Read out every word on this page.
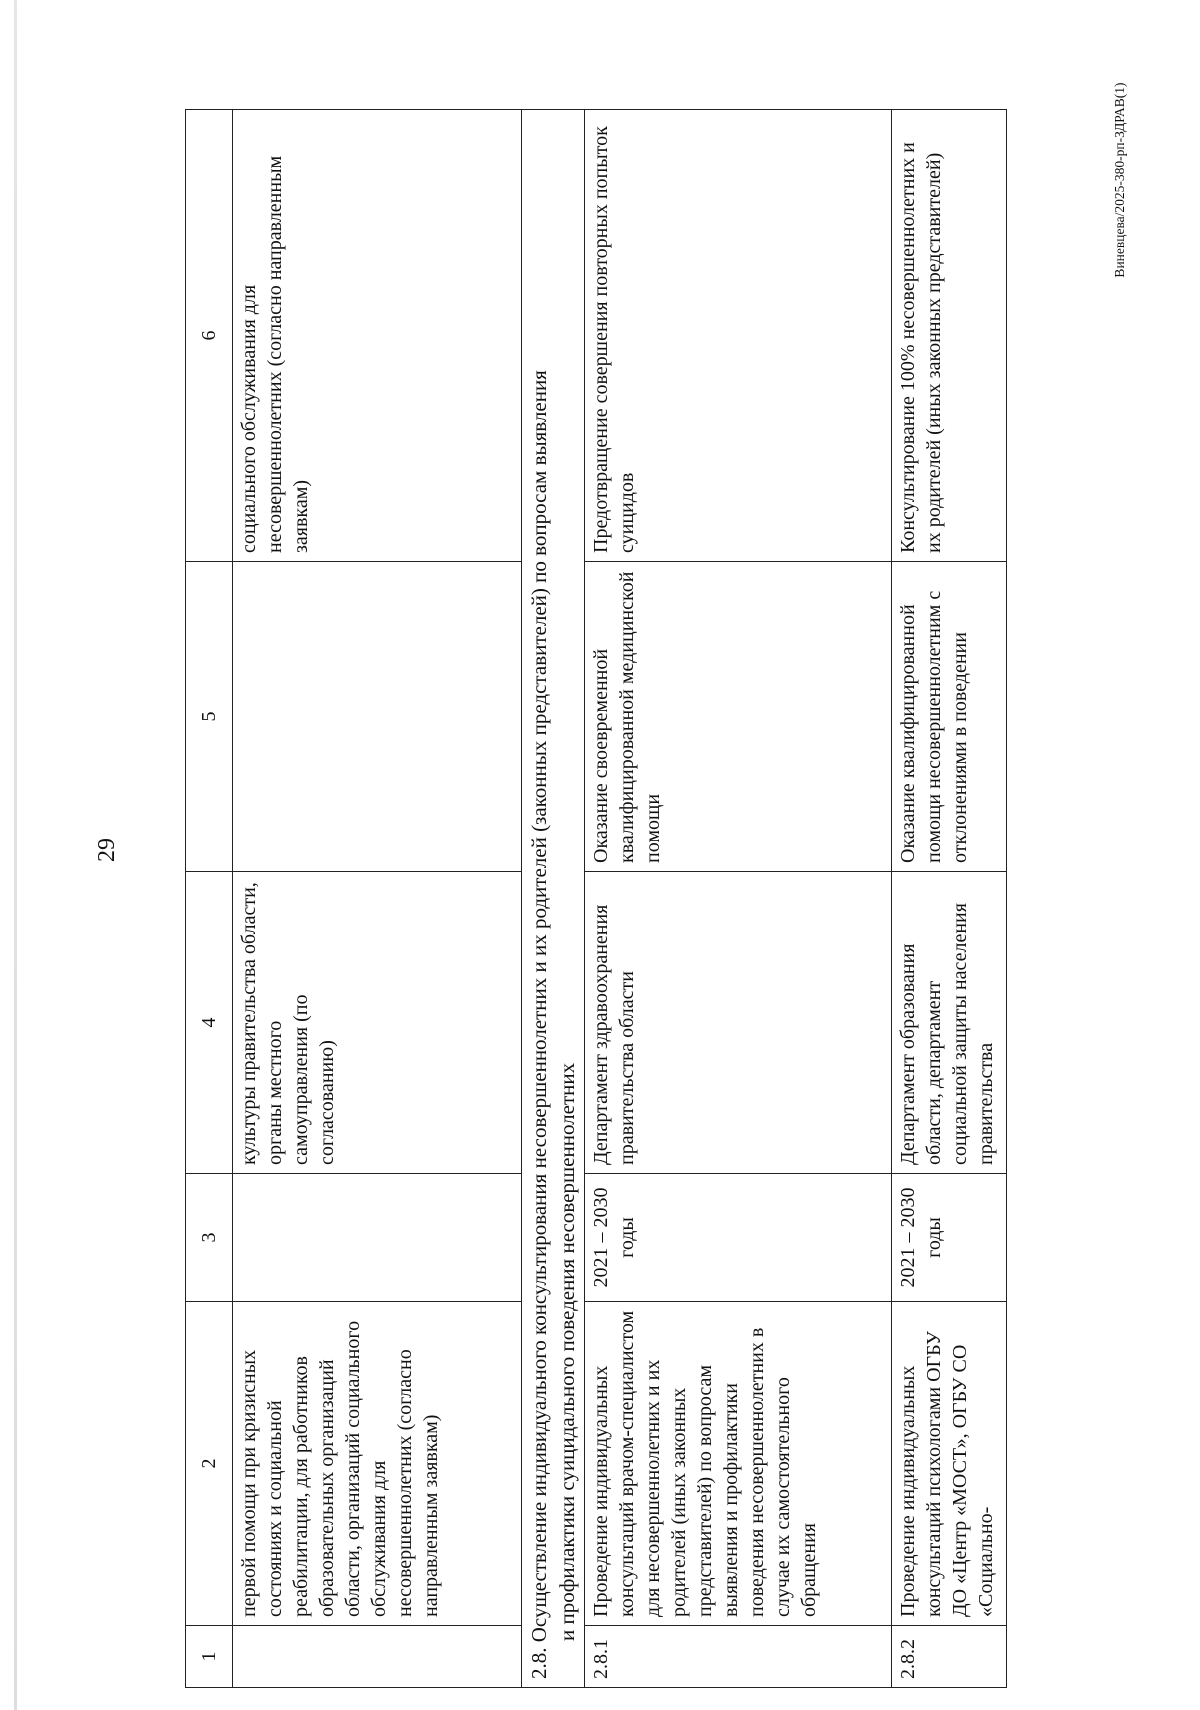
29
1	2	3	4	5	6
	первой помощи при кризисных состояниях и социальной реабилитации, для работников образовательных организаций области, организаций социального обслуживания для несовершеннолетних (согласно направленным заявкам)		культуры правительства области, органы местного самоуправления (по согласованию)		социального обслуживания для несовершеннолетних (согласно направленным заявкам)

2.8. Осуществление индивидуального консультирования несовершеннолетних и их родителей (законных представителей) по вопросам выявления и профилактики суицидального поведения несовершеннолетних					

2.8.1	Проведение индивидуальных консультаций врачом-специалистом для несовершеннолетних и их родителей (иных законных представителей) по вопросам выявления и профилактики поведения несовершеннолетних в случае их самостоятельного обращения	2021 – 2030 годы	Департамент здравоохранения правительства области	Оказание своевременной квалифицированной медицинской помощи	Предотвращение совершения повторных попыток суицидов
2.8.2	Проведение индивидуальных консультаций психологами ОГБУ ДО «Центр «МОСТ», ОГБУ СО «Социально-	2021 – 2030 годы	Департамент образования области, департамент социальной защиты населения правительства	Оказание квалифицированной помощи несовершеннолетним с отклонениями в поведении	Консультирование 100% несовершеннолетних и их родителей (иных законных представителей)	Виневцева/2025-380-рп-ЗДРАВ(1)
